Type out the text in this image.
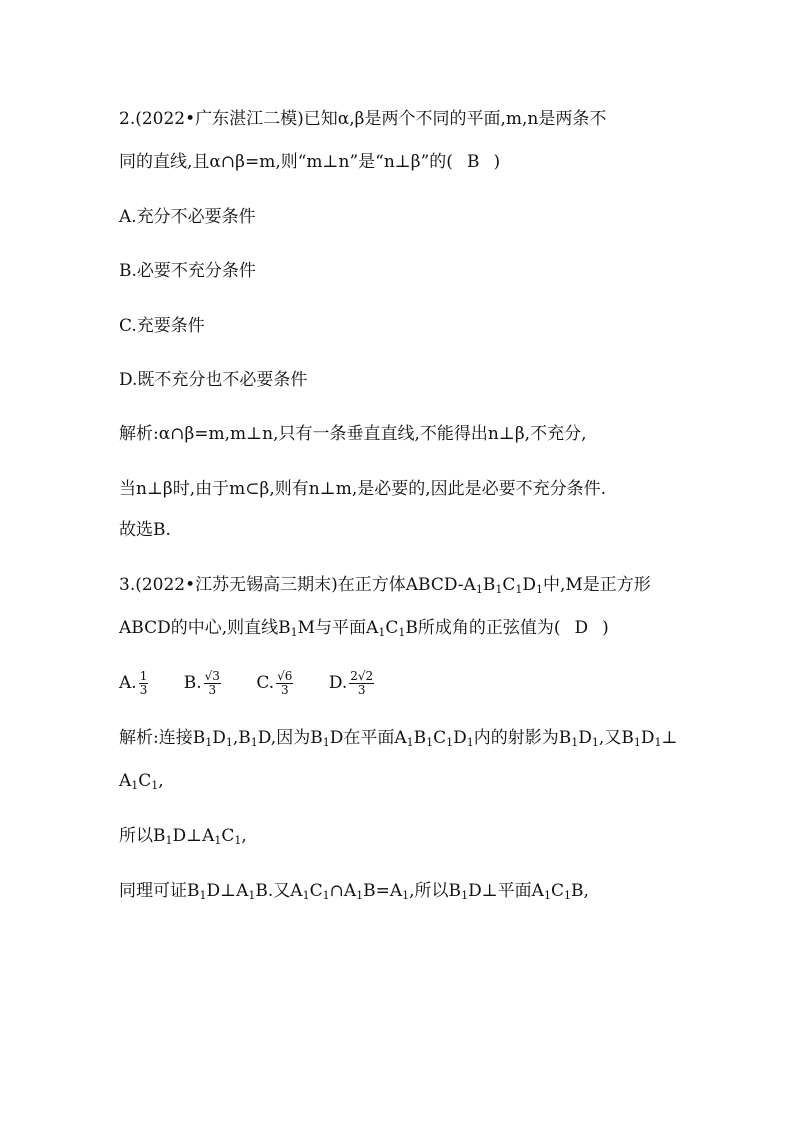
2.(2022•广东湛江二模)已知α,β是两个不同的平面,m,n是两条不
同的直线,且α∩β=m,则“m⊥n”是“n⊥β”的( B )
A.充分不必要条件
B.必要不充分条件
C.充要条件
D.既不充分也不必要条件
解析:α∩β=m,m⊥n,只有一条垂直直线,不能得出n⊥β,不充分,
当n⊥β时,由于m⊂β,则有n⊥m,是必要的,因此是必要不充分条件.
故选B.
3.(2022•江苏无锡高三期末)在正方体ABCD-$A_1B_1C_1D_1$中,M是正方形
ABCD的中心,则直线$B_1M$与平面$A_1C_1B$所成角的正弦值为( D )
A. $\frac{1}{3} B$. $\frac{√3}{3} C$. $\frac{√6}{3} D$. $\frac{2√2}{3}$
解析:连接$B_1D_1,B_1D$,因为$B_1D$在平面$A_1B_1C_1D_1$内的射影为$B_1D_1$,又$B_1D_1\perp$
$A_1C_1$,
所以$B_1D\perp A_1C_1$,
同理可证$B_1D\perp A_1B$.又$A_1C_1\cap A_1B=A_1$,所以$B_1D\perp$平面$A_1C_1B$,
